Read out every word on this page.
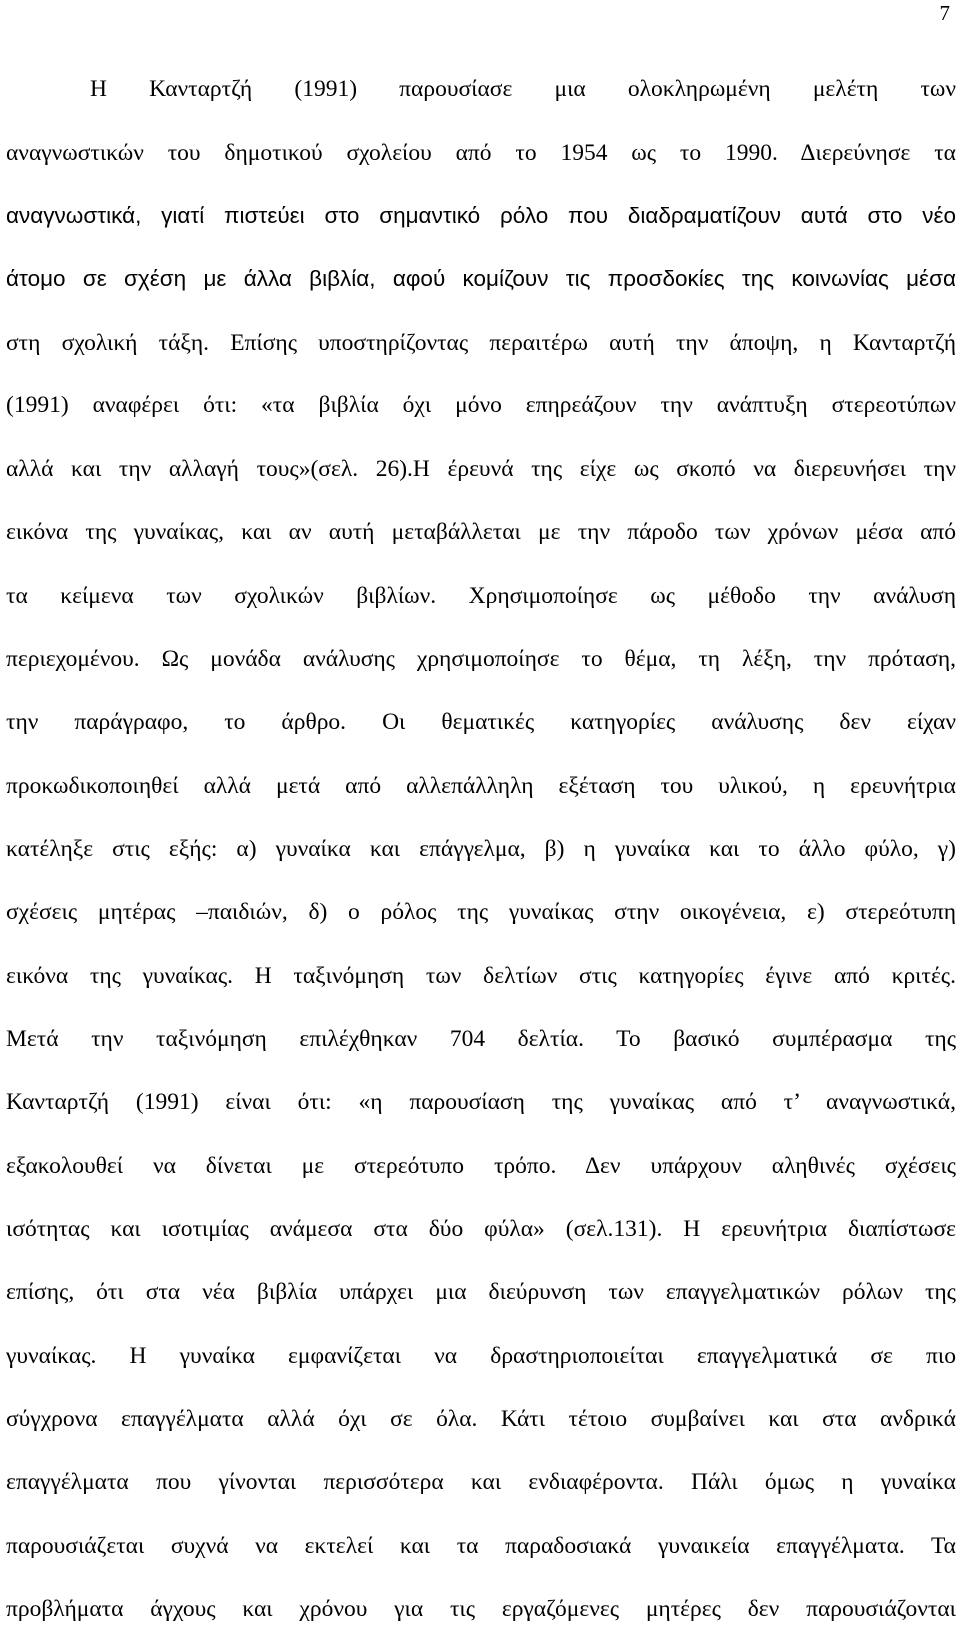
7
Η Κανταρτζή (1991) παρουσίασε μια ολοκληρωμένη μελέτη των
αναγνωστικών του δημοτικού σχολείου από το 1954 ως το 1990. Διερεύνησε τα
αναγνωστικά, γιατί πιστεύει στο σημαντικό ρόλο που διαδραματίζουν αυτά στο νέο
άτομο σε σχέση με άλλα βιβλία, αφού κομίζουν τις προσδοκίες της κοινωνίας μέσα
στη σχολική τάξη. Επίσης υποστηρίζοντας περαιτέρω αυτή την άποψη, η Κανταρτζή
(1991) αναφέρει ότι: «τα βιβλία όχι μόνο επηρεάζουν την ανάπτυξη στερεοτύπων
αλλά και την αλλαγή τους»(σελ. 26).Η έρευνά της είχε ως σκοπό να διερευνήσει την
εικόνα της γυναίκας, και αν αυτή μεταβάλλεται με την πάροδο των χρόνων μέσα από
τα κείμενα των σχολικών βιβλίων. Χρησιμοποίησε ως μέθοδο την ανάλυση
περιεχομένου. Ως μονάδα ανάλυσης χρησιμοποίησε το θέμα, τη λέξη, την πρόταση,
την παράγραφο, το άρθρο. Οι θεματικές κατηγορίες ανάλυσης δεν είχαν
προκωδικοποιηθεί αλλά μετά από αλλεπάλληλη εξέταση του υλικού, η ερευνήτρια
κατέληξε στις εξής: α) γυναίκα και επάγγελμα, β) η γυναίκα και το άλλο φύλο, γ)
σχέσεις μητέρας –παιδιών, δ) ο ρόλος της γυναίκας στην οικογένεια, ε) στερεότυπη
εικόνα της γυναίκας. Η ταξινόμηση των δελτίων στις κατηγορίες έγινε από κριτές.
Μετά την ταξινόμηση επιλέχθηκαν 704 δελτία. Το βασικό συμπέρασμα της
Κανταρτζή (1991) είναι ότι: «η παρουσίαση της γυναίκας από τ’ αναγνωστικά,
εξακολουθεί να δίνεται με στερεότυπο τρόπο. Δεν υπάρχουν αληθινές σχέσεις
ισότητας και ισοτιμίας ανάμεσα στα δύο φύλα» (σελ.131). Η ερευνήτρια διαπίστωσε
επίσης, ότι στα νέα βιβλία υπάρχει μια διεύρυνση των επαγγελματικών ρόλων της
γυναίκας. Η γυναίκα εμφανίζεται να δραστηριοποιείται επαγγελματικά σε πιο
σύγχρονα επαγγέλματα αλλά όχι σε όλα. Κάτι τέτοιο συμβαίνει και στα ανδρικά
επαγγέλματα που γίνονται περισσότερα και ενδιαφέροντα. Πάλι όμως η γυναίκα
παρουσιάζεται συχνά να εκτελεί και τα παραδοσιακά γυναικεία επαγγέλματα. Τα
προβλήματα άγχους και χρόνου για τις εργαζόμενες μητέρες δεν παρουσιάζονται
